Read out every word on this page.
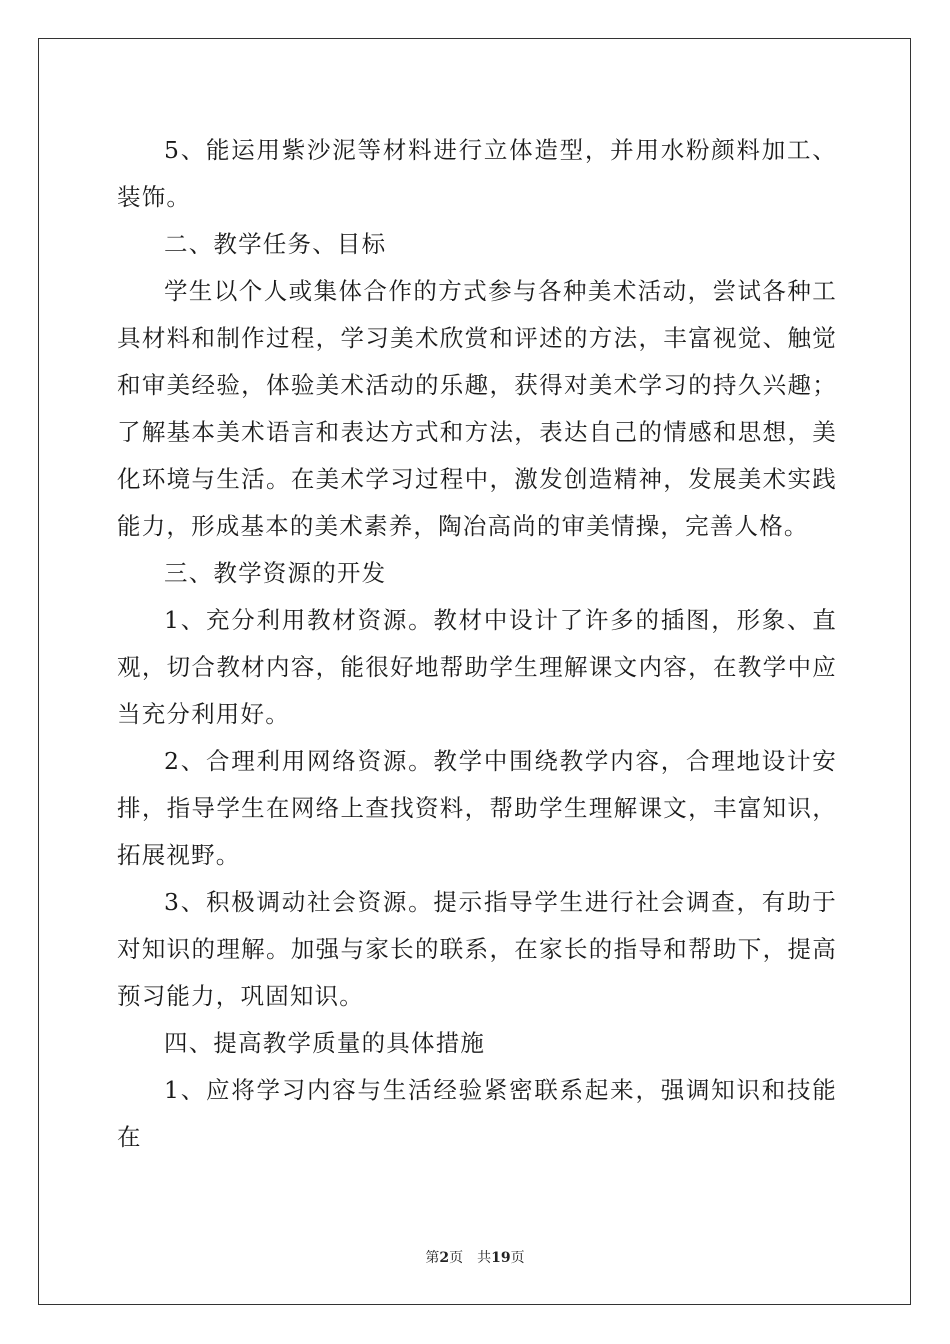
5、能运用紫沙泥等材料进行立体造型，并用水粉颜料加工、装饰。

二、教学任务、目标

学生以个人或集体合作的方式参与各种美术活动，尝试各种工具材料和制作过程，学习美术欣赏和评述的方法，丰富视觉、触觉和审美经验，体验美术活动的乐趣，获得对美术学习的持久兴趣；了解基本美术语言和表达方式和方法，表达自己的情感和思想，美化环境与生活。在美术学习过程中，激发创造精神，发展美术实践能力，形成基本的美术素养，陶冶高尚的审美情操，完善人格。

三、教学资源的开发

1、充分利用教材资源。教材中设计了许多的插图，形象、直观，切合教材内容，能很好地帮助学生理解课文内容，在教学中应当充分利用好。

2、合理利用网络资源。教学中围绕教学内容，合理地设计安排，指导学生在网络上查找资料，帮助学生理解课文，丰富知识，拓展视野。

3、积极调动社会资源。提示指导学生进行社会调查，有助于对知识的理解。加强与家长的联系，在家长的指导和帮助下，提高预习能力，巩固知识。

四、提高教学质量的具体措施

1、应将学习内容与生活经验紧密联系起来，强调知识和技能在

第2页 共19页
